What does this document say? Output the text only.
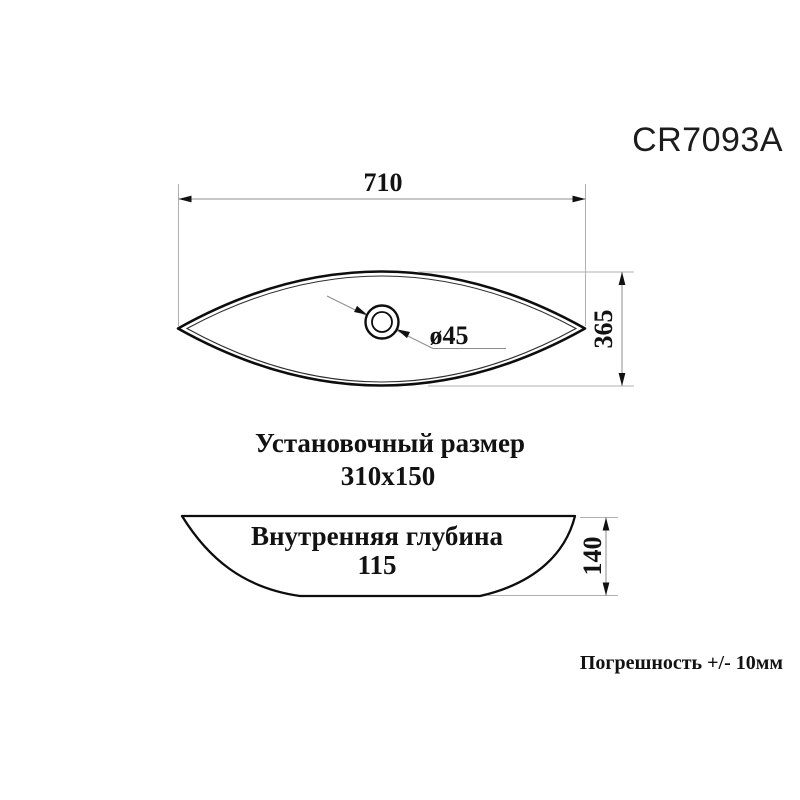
CR7093A
710
ø45	365
Установочный размер
310x150
Внутренняя глубина
115	140
Погрешность +/- 10мм
